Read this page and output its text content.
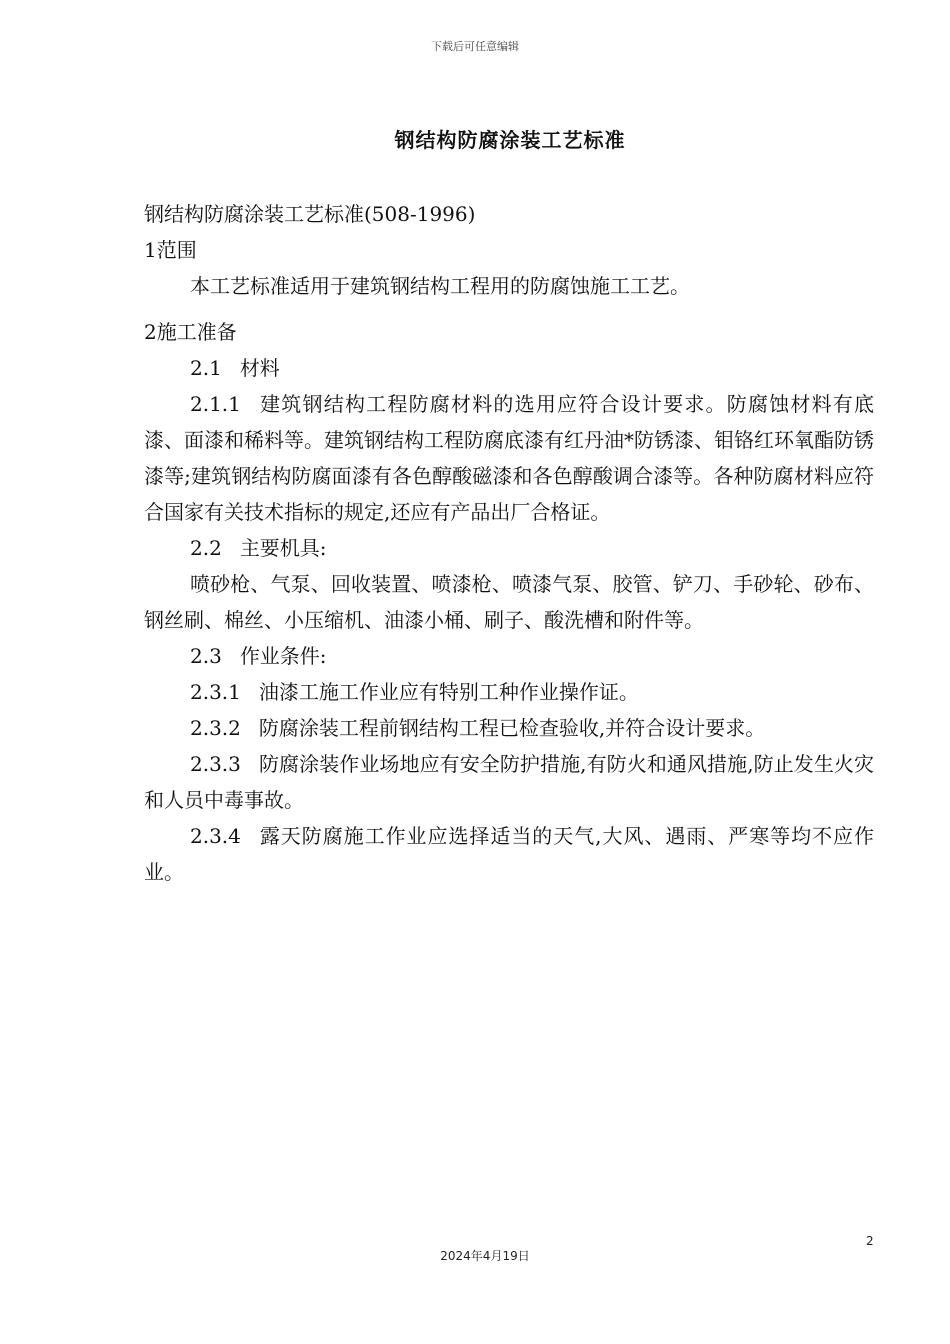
下载后可任意编辑
钢结构防腐涂装工艺标准

钢结构防腐涂装工艺标准(508-1996)

1范围

本工艺标准适用于建筑钢结构工程用的防腐蚀施工工艺。

2施工准备

2.1 材料

2.1.1 建筑钢结构工程防腐材料的选用应符合设计要求。防腐蚀材料有底漆、面漆和稀料等。建筑钢结构工程防腐底漆有红丹油*防锈漆、钼铬红环氧酯防锈漆等;建筑钢结构防腐面漆有各色醇酸磁漆和各色醇酸调合漆等。各种防腐材料应符合国家有关技术指标的规定,还应有产品出厂合格证。

2.2 主要机具:

喷砂枪、气泵、回收装置、喷漆枪、喷漆气泵、胶管、铲刀、手砂轮、砂布、钢丝刷、棉丝、小压缩机、油漆小桶、刷子、酸洗槽和附件等。

2.3 作业条件:

2.3.1 油漆工施工作业应有特别工种作业操作证。

2.3.2 防腐涂装工程前钢结构工程已检查验收,并符合设计要求。

2.3.3 防腐涂装作业场地应有安全防护措施,有防火和通风措施,防止发生火灾和人员中毒事故。

2.3.4 露天防腐施工作业应选择适当的天气,大风、遇雨、严寒等均不应作业。

2
2024年4月19日
